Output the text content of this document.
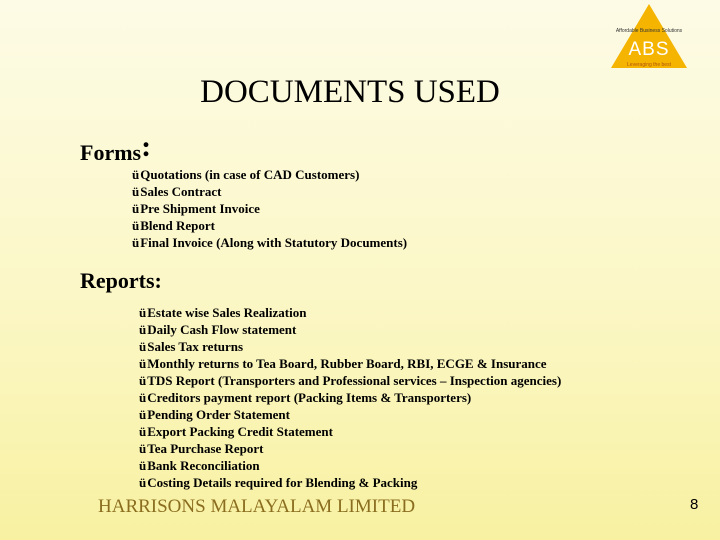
Affordable Business Solutions
ABS
Leveraging the best
DOCUMENTS USED
Forms:
üQuotations (in case of CAD Customers)
üSales Contract
üPre Shipment Invoice
üBlend Report
üFinal Invoice (Along with Statutory Documents)
Reports:
üEstate wise Sales Realization
üDaily Cash Flow statement
üSales Tax returns
üMonthly returns to Tea Board, Rubber Board, RBI, ECGE & Insurance
üTDS Report (Transporters and Professional services – Inspection agencies)
üCreditors payment report (Packing Items & Transporters)
üPending Order Statement
üExport Packing Credit Statement
üTea Purchase Report
üBank Reconciliation
üCosting Details required for Blending & Packing
HARRISONS MALAYALAM LIMITED	8
